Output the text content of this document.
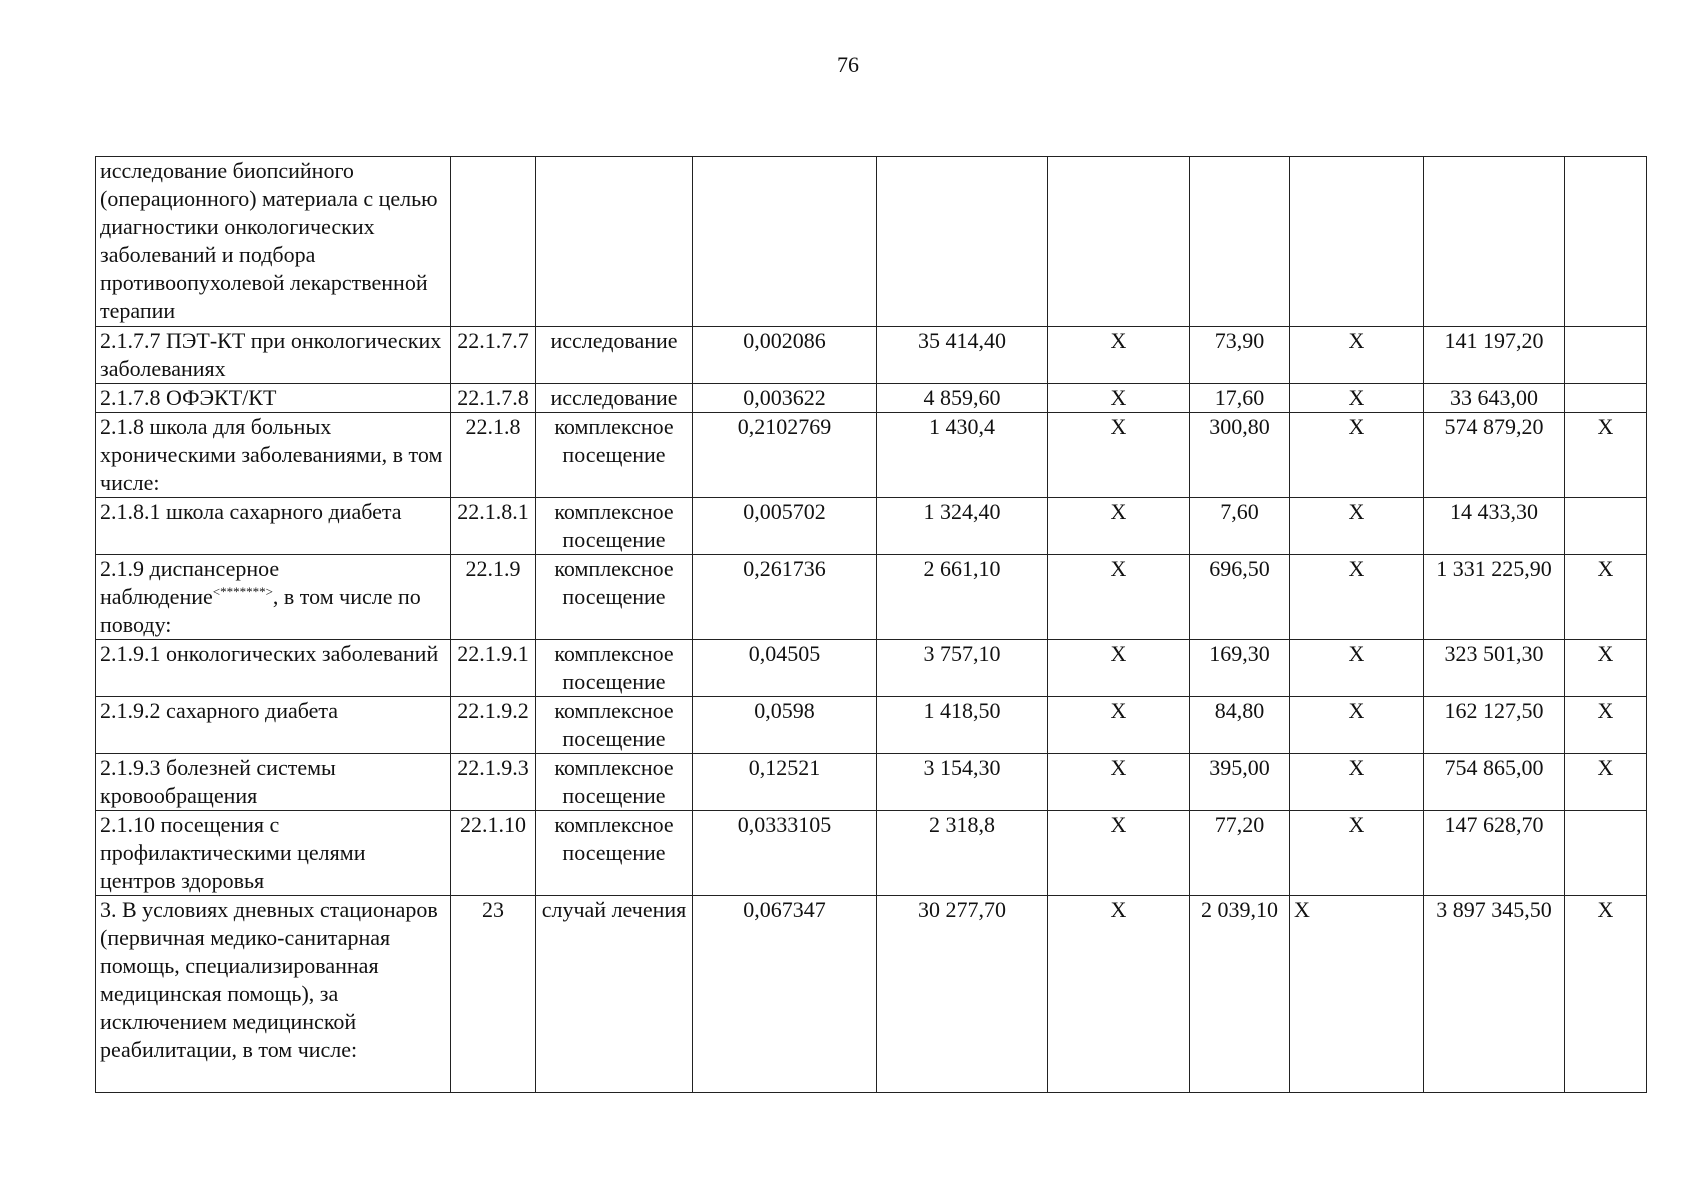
76
исследование биопсийного (операционного) материала с целью диагностики онкологических заболеваний и подбора противоопухолевой лекарственной терапии									
2.1.7.7 ПЭТ-КТ при онкологических заболеваниях	22.1.7.7	исследование	0,002086	35 414,40	X	73,90	X	141 197,20	
2.1.7.8 ОФЭКТ/КТ	22.1.7.8	исследование	0,003622	4 859,60	X	17,60	X	33 643,00	
2.1.8 школа для больных хроническими заболеваниями, в том числе:	22.1.8	комплексное посещение	0,2102769	1 430,4	X	300,80	X	574 879,20	X
2.1.8.1 школа сахарного диабета	22.1.8.1	комплексное посещение	0,005702	1 324,40	X	7,60	X	14 433,30	
2.1.9 диспансерное наблюдение<*******>, в том числе по поводу:	22.1.9	комплексное посещение	0,261736	2 661,10	X	696,50	X	1 331 225,90	X
2.1.9.1 онкологических заболеваний	22.1.9.1	комплексное посещение	0,04505	3 757,10	X	169,30	X	323 501,30	X
2.1.9.2 сахарного диабета	22.1.9.2	комплексное посещение	0,0598	1 418,50	X	84,80	X	162 127,50	X
2.1.9.3 болезней системы кровообращения	22.1.9.3	комплексное посещение	0,12521	3 154,30	X	395,00	X	754 865,00	X
2.1.10 посещения с профилактическими целями центров здоровья	22.1.10	комплексное посещение	0,0333105	2 318,8	X	77,20	X	147 628,70	
3. В условиях дневных стационаров (первичная медико-санитарная помощь, специализированная медицинская помощь), за исключением медицинской реабилитации, в том числе:	23	случай лечения	0,067347	30 277,70	X	2 039,10	X	3 897 345,50	X
